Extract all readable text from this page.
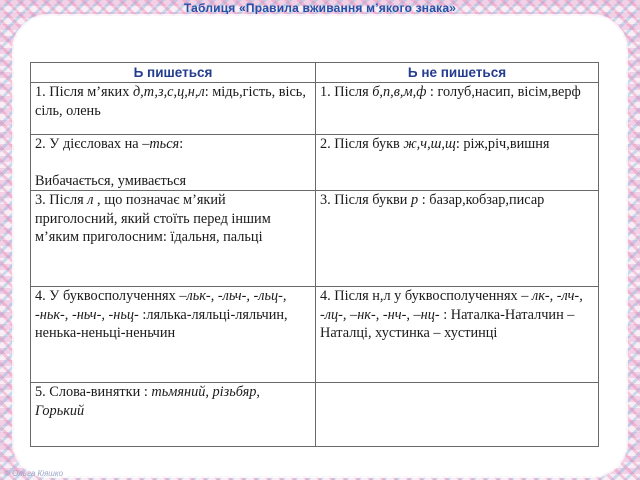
Таблиця «Правила вживання м’якого знака»
Ь пишеться	Ь не пишеться

1. Після м’яких д,т,з,с,ц,н,л: мідь,гість, вісь, сіль, олень	1. Після б,п,в,м,ф : голуб,насип, вісім,верф
2. У дієсловах на –ться:
Вибачається, умивається	2. Після букв ж,ч,ш,щ: ріж,річ,вишня
3. Після л , що позначає м’який приголосний, який стоїть перед іншим м’яким приголосним: їдальня, пальці	3. Після букви р : базар,кобзар,писар
4. У буквосполученнях –льк-, -льч-, -льц-, -ньк-, -ньч-, -ньц- :лялька-ляльці-ляльчин, ненька-неньці-неньчин	4. Після н,л у буквосполученнях – лк-, -лч-, -лц-, –нк-, -нч-, –нц- : Наталка-Наталчин – Наталці, хустинка – хустинці
5. Слова-винятки : тьмяний, різьбяр, Горький	
© Ольга Кіяшко
